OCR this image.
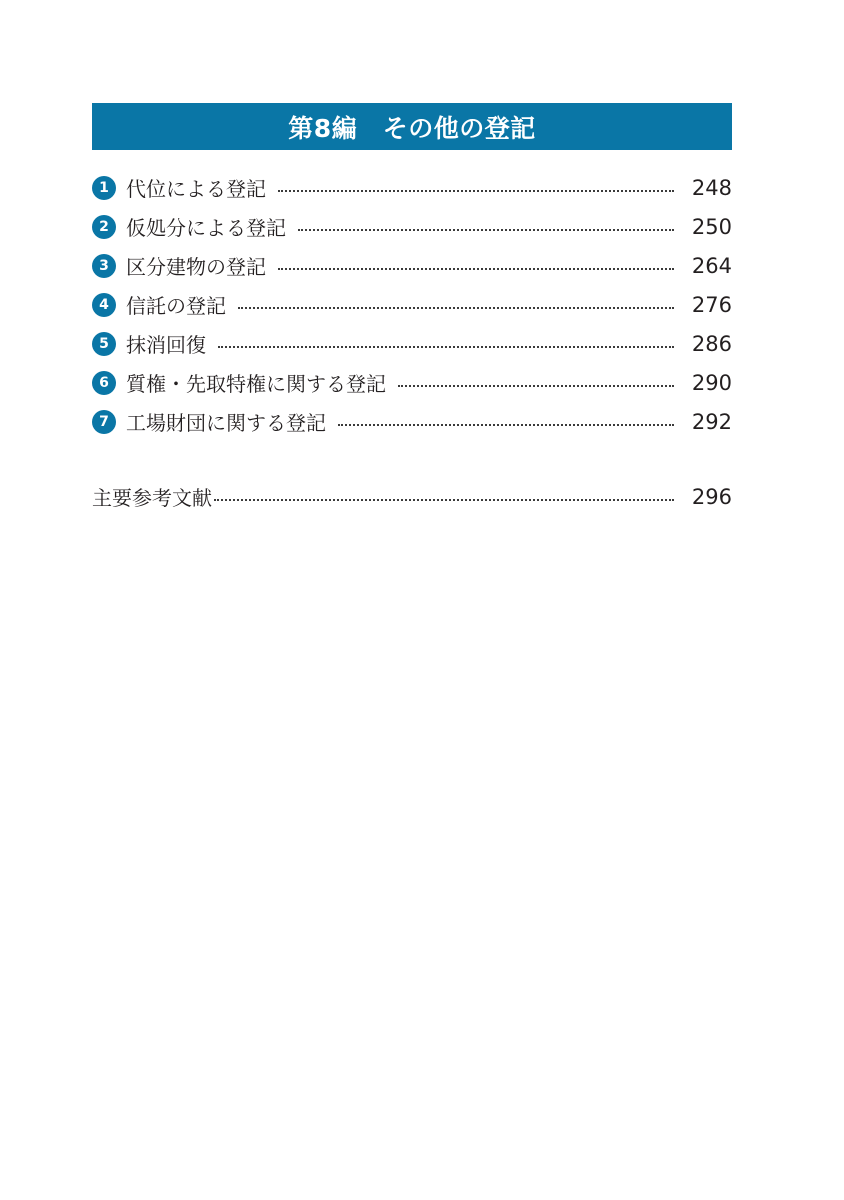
第8編　その他の登記
1 代位による登記	248
2 仮処分による登記	250
3 区分建物の登記	264
4 信託の登記	276
5 抹消回復	286
6 質権・先取特権に関する登記	290
7 工場財団に関する登記	292
主要参考文献	296
